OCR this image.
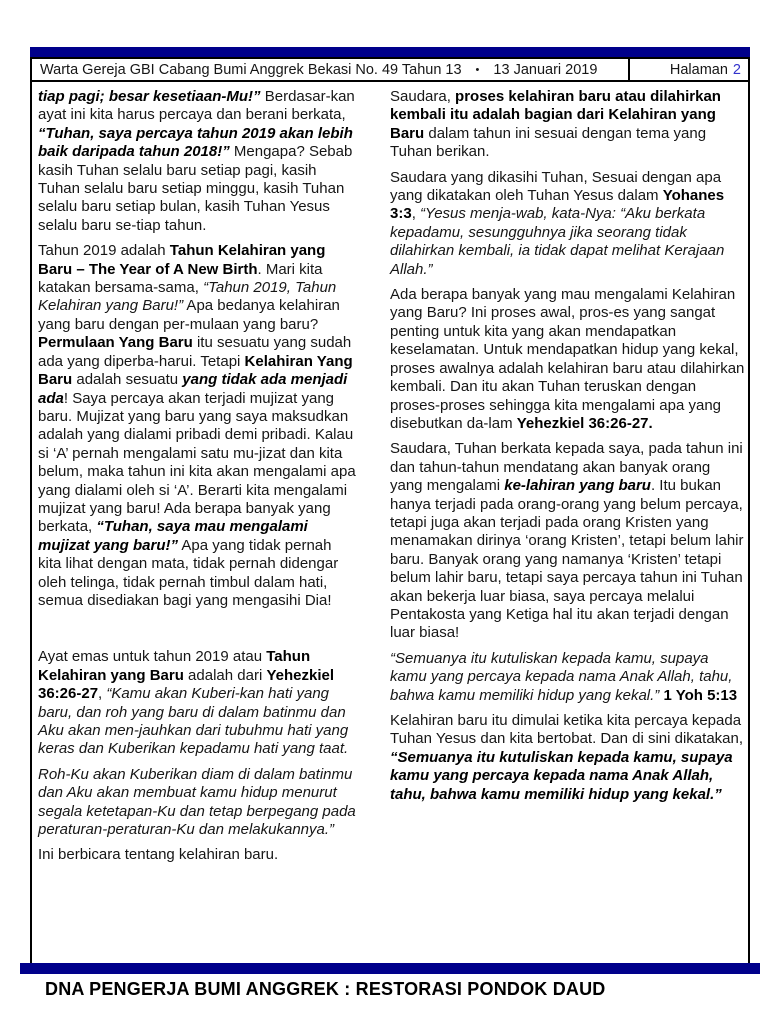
Warta Gereja GBI Cabang Bumi Anggrek Bekasi No. 49 Tahun 13 • 13 Januari 2019	Halaman 2

tiap pagi; besar kesetiaan-Mu!” Berdasar-kan ayat ini kita harus percaya dan berani berkata, “Tuhan, saya percaya tahun 2019 akan lebih baik daripada tahun 2018!” Mengapa? Sebab kasih Tuhan selalu baru setiap pagi, kasih Tuhan selalu baru setiap minggu, kasih Tuhan selalu baru setiap bulan, kasih Tuhan Yesus selalu baru se-tiap tahun.

Tahun 2019 adalah Tahun Kelahiran yang Baru – The Year of A New Birth. Mari kita katakan bersama-sama, “Tahun 2019, Tahun Kelahiran yang Baru!” Apa bedanya kelahiran yang baru dengan per-mulaan yang baru? Permulaan Yang Baru itu sesuatu yang sudah ada yang diperba-harui. Tetapi Kelahiran Yang Baru adalah sesuatu yang tidak ada menjadi ada! Saya percaya akan terjadi mujizat yang baru. Mujizat yang baru yang saya maksudkan adalah yang dialami pribadi demi pribadi. Kalau si ‘A’ pernah mengalami satu mu-jizat dan kita belum, maka tahun ini kita akan mengalami apa yang dialami oleh si ‘A’. Berarti kita mengalami mujizat yang baru! Ada berapa banyak yang berkata, “Tuhan, saya mau mengalami mujizat yang baru!” Apa yang tidak pernah kita lihat dengan mata, tidak pernah didengar oleh telinga, tidak pernah timbul dalam hati, semua disediakan bagi yang mengasihi Dia!

Ayat emas untuk tahun 2019 atau Tahun Kelahiran yang Baru adalah dari Yehezkiel 36:26-27, “Kamu akan Kuberi-kan hati yang baru, dan roh yang baru di dalam batinmu dan Aku akan men-jauhkan dari tubuhmu hati yang keras dan Kuberikan kepadamu hati yang taat.

Roh-Ku akan Kuberikan diam di dalam batinmu dan Aku akan membuat kamu hidup menurut segala ketetapan-Ku dan tetap berpegang pada peraturan-peraturan-Ku dan melakukannya.”

Ini berbicara tentang kelahiran baru.

Saudara, proses kelahiran baru atau dilahirkan kembali itu adalah bagian dari Kelahiran yang Baru dalam tahun ini sesuai dengan tema yang Tuhan berikan.

Saudara yang dikasihi Tuhan, Sesuai dengan apa yang dikatakan oleh Tuhan Yesus dalam Yohanes 3:3, “Yesus menja-wab, kata-Nya: “Aku berkata kepadamu, sesungguhnya jika seorang tidak dilahirkan kembali, ia tidak dapat melihat Kerajaan Allah.”

Ada berapa banyak yang mau mengalami Kelahiran yang Baru? Ini proses awal, pros-es yang sangat penting untuk kita yang akan mendapatkan keselamatan. Untuk mendapatkan hidup yang kekal, proses awalnya adalah kelahiran baru atau dilahirkan kembali. Dan itu akan Tuhan teruskan dengan proses-proses sehingga kita mengalami apa yang disebutkan da-lam Yehezkiel 36:26-27.

Saudara, Tuhan berkata kepada saya, pada tahun ini dan tahun-tahun mendatang akan banyak orang yang mengalami ke-lahiran yang baru. Itu bukan hanya terjadi pada orang-orang yang belum percaya, tetapi juga akan terjadi pada orang Kristen yang menamakan dirinya ‘orang Kristen’, tetapi belum lahir baru. Banyak orang yang namanya ‘Kristen’ tetapi belum lahir baru, tetapi saya percaya tahun ini Tuhan akan bekerja luar biasa, saya percaya melalui Pentakosta yang Ketiga hal itu akan terjadi dengan luar biasa!

“Semuanya itu kutuliskan kepada kamu, supaya kamu yang percaya kepada nama Anak Allah, tahu, bahwa kamu memiliki hidup yang kekal.” 1 Yoh 5:13

Kelahiran baru itu dimulai ketika kita percaya kepada Tuhan Yesus dan kita bertobat. Dan di sini dikatakan, “Semuanya itu kutuliskan kepada kamu, supaya kamu yang percaya kepada nama Anak Allah, tahu, bahwa kamu memiliki hidup yang kekal.”

DNA PENGERJA BUMI ANGGREK : RESTORASI PONDOK DAUD
